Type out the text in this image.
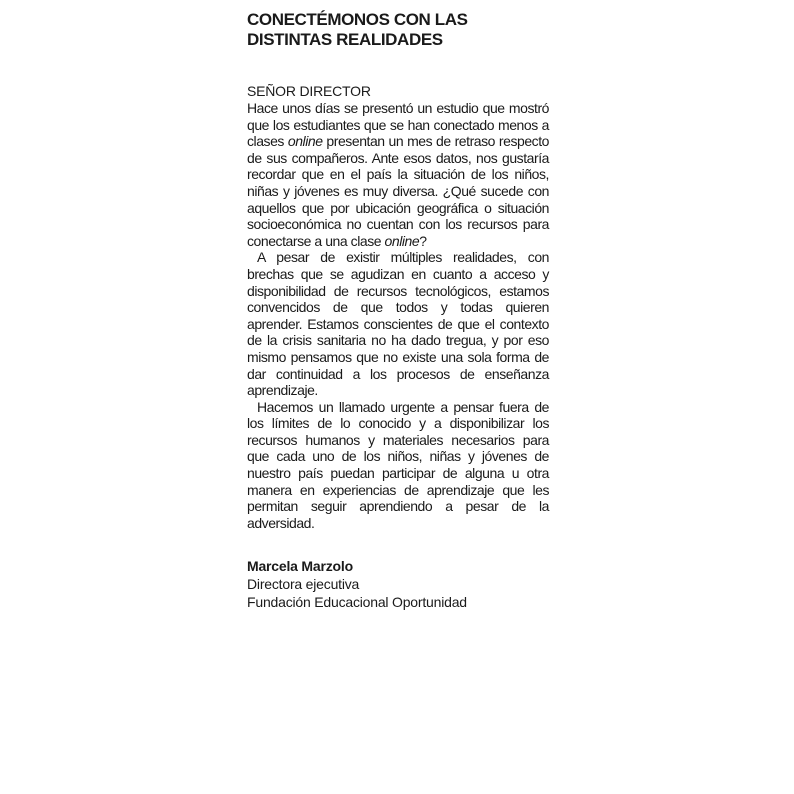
CONECTÉMONOS CON LAS DISTINTAS REALIDADES
SEÑOR DIRECTOR

Hace unos días se presentó un estudio que mostró que los estudiantes que se han conectado menos a clases online presentan un mes de retraso respecto de sus compañeros. Ante esos datos, nos gustaría recordar que en el país la situación de los niños, niñas y jóvenes es muy diversa. ¿Qué sucede con aquellos que por ubicación geográfica o situación socioeconómica no cuentan con los recursos para conectarse a una clase online?

A pesar de existir múltiples realidades, con brechas que se agudizan en cuanto a acceso y disponibilidad de recursos tecnológicos, estamos convencidos de que todos y todas quieren aprender. Estamos conscientes de que el contexto de la crisis sanitaria no ha dado tregua, y por eso mismo pensamos que no existe una sola forma de dar continuidad a los procesos de enseñanza aprendizaje.

Hacemos un llamado urgente a pensar fuera de los límites de lo conocido y a disponibilizar los recursos humanos y materiales necesarios para que cada uno de los niños, niñas y jóvenes de nuestro país puedan participar de alguna u otra manera en experiencias de aprendizaje que les permitan seguir aprendiendo a pesar de la adversidad.

Marcela Marzolo
Directora ejecutiva
Fundación Educacional Oportunidad
